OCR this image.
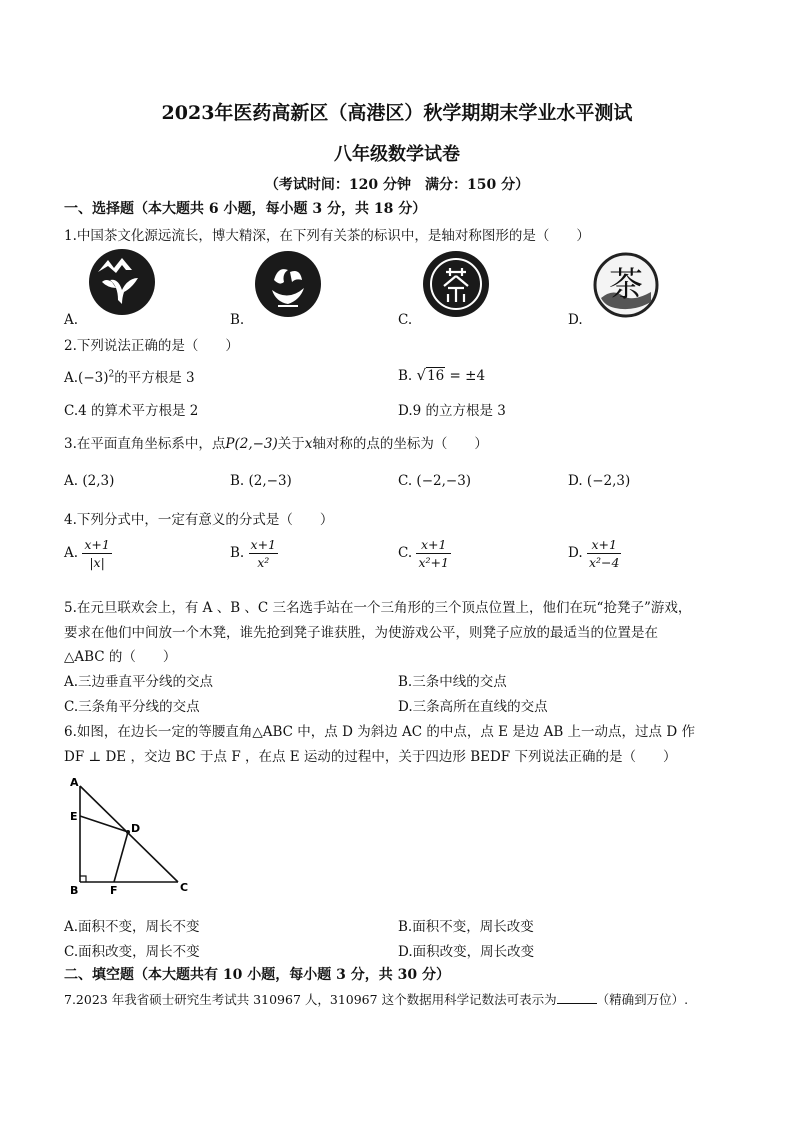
2023年医药高新区（高港区）秋学期期末学业水平测试
八年级数学试卷
（考试时间：120 分钟　满分：150 分）
一、选择题（本大题共 6 小题，每小题 3 分，共 18 分）
1.中国茶文化源远流长，博大精深，在下列有关茶的标识中，是轴对称图形的是（　　）
A.	B.	C.
茶
D.
2.下列说法正确的是（　　）
$A.(-3)^2$的平方根是 3	B. √16 = ±4
C.4 的算术平方根是 2	D.9 的立方根是 3
3.在平面直角坐标系中，点P(2,−3)关于x轴对称的点的坐标为（　　）
A. (2,3)	B. (2,−3)	C. (−2,−3)	D. (−2,3)
4.下列分式中，一定有意义的分式是（　　）
A. $\frac{x+1}{|x|}$	B. $\frac{x+1}{\text{x²}}$	C. $\frac{x+1}{\text{x²+1}}$	D. $\frac{x+1}{\text{x²−4}}$
5.在元旦联欢会上，有 A 、B 、C 三名选手站在一个三角形的三个顶点位置上，他们在玩“抢凳子”游戏，
要求在他们中间放一个木凳，谁先抢到凳子谁获胜，为使游戏公平，则凳子应放的最适当的位置是在
△ABC 的（　　）
A.三边垂直平分线的交点	B.三条中线的交点
C.三条角平分线的交点	D.三条高所在直线的交点
6.如图，在边长一定的等腰直角△ABC 中，点 D 为斜边 AC 的中点，点 E 是边 AB 上一动点，过点 D 作
DF ⊥ DE ，交边 BC 于点 F ，在点 E 运动的过程中，关于四边形 BEDF 下列说法正确的是（　　）
A
E
D
B	F	C
A.面积不变，周长不变	B.面积不变，周长改变
C.面积改变，周长不变	D.面积改变，周长改变
二、填空题（本大题共有 10 小题，每小题 3 分，共 30 分）
7.2023 年我省硕士研究生考试共 310967 人，310967 这个数据用科学记数法可表示为	（精确到万位）.
